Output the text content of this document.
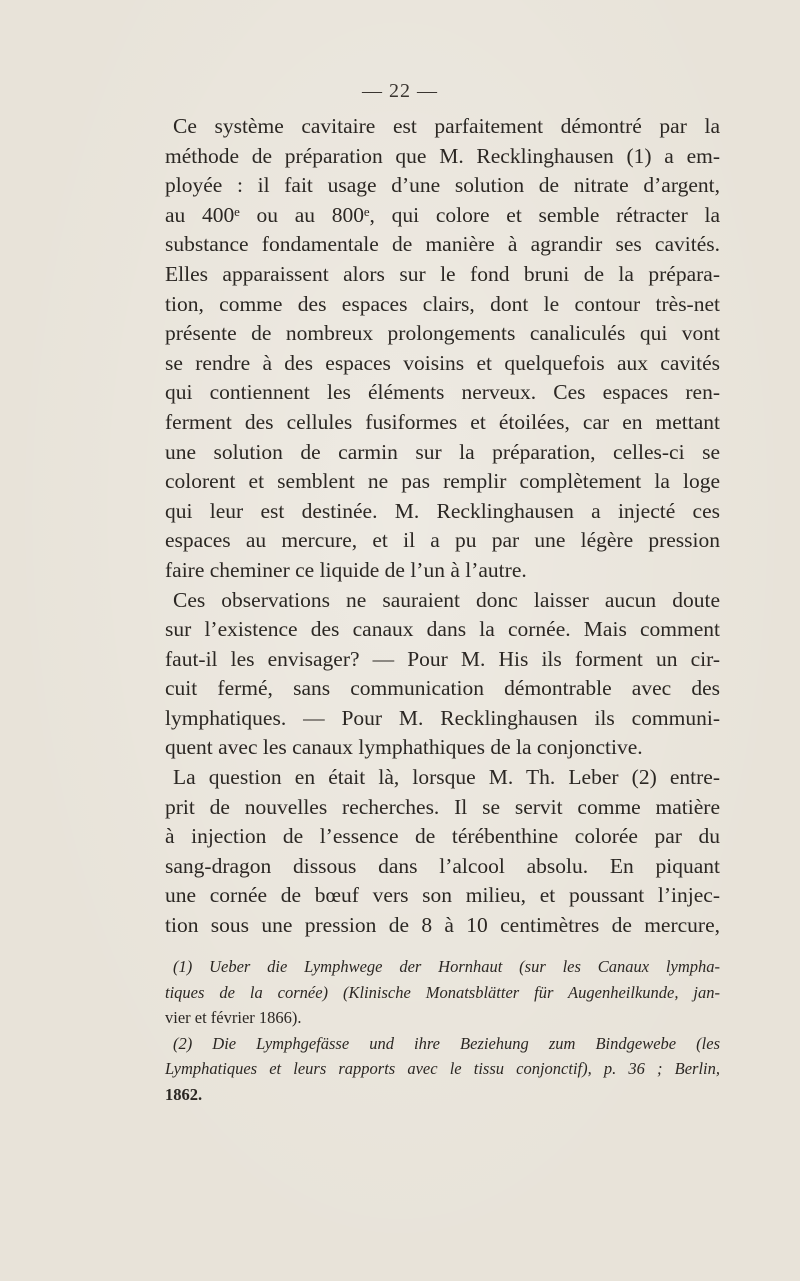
— 22 —
Ce système cavitaire est parfaitement démontré par la
méthode de préparation que M. Recklinghausen (1) a em-
ployée : il fait usage d’une solution de nitrate d’argent,
au 400ᵉ ou au 800ᵉ, qui colore et semble rétracter la
substance fondamentale de manière à agrandir ses cavités.
Elles apparaissent alors sur le fond bruni de la prépara-
tion, comme des espaces clairs, dont le contour très-net
présente de nombreux prolongements canaliculés qui vont
se rendre à des espaces voisins et quelquefois aux cavités
qui contiennent les éléments nerveux. Ces espaces ren-
ferment des cellules fusiformes et étoilées, car en mettant
une solution de carmin sur la préparation, celles-ci se
colorent et semblent ne pas remplir complètement la loge
qui leur est destinée. M. Recklinghausen a injecté ces
espaces au mercure, et il a pu par une légère pression
faire cheminer ce liquide de l’un à l’autre.
Ces observations ne sauraient donc laisser aucun doute
sur l’existence des canaux dans la cornée. Mais comment
faut-il les envisager? — Pour M. His ils forment un cir-
cuit fermé, sans communication démontrable avec des
lymphatiques. — Pour M. Recklinghausen ils communi-
quent avec les canaux lymphathiques de la conjonctive.
La question en était là, lorsque M. Th. Leber (2) entre-
prit de nouvelles recherches. Il se servit comme matière
à injection de l’essence de térébenthine colorée par du
sang-dragon dissous dans l’alcool absolu. En piquant
une cornée de bœuf vers son milieu, et poussant l’injec-
tion sous une pression de 8 à 10 centimètres de mercure,
(1) Ueber die Lymphwege der Hornhaut (sur les Canaux lympha-
tiques de la cornée) (Klinische Monatsblätter für Augenheilkunde, jan-
vier et février 1866).
(2) Die Lymphgefässe und ihre Beziehung zum Bindgewebe (les
Lymphatiques et leurs rapports avec le tissu conjonctif), p. 36 ; Berlin,
1862.
